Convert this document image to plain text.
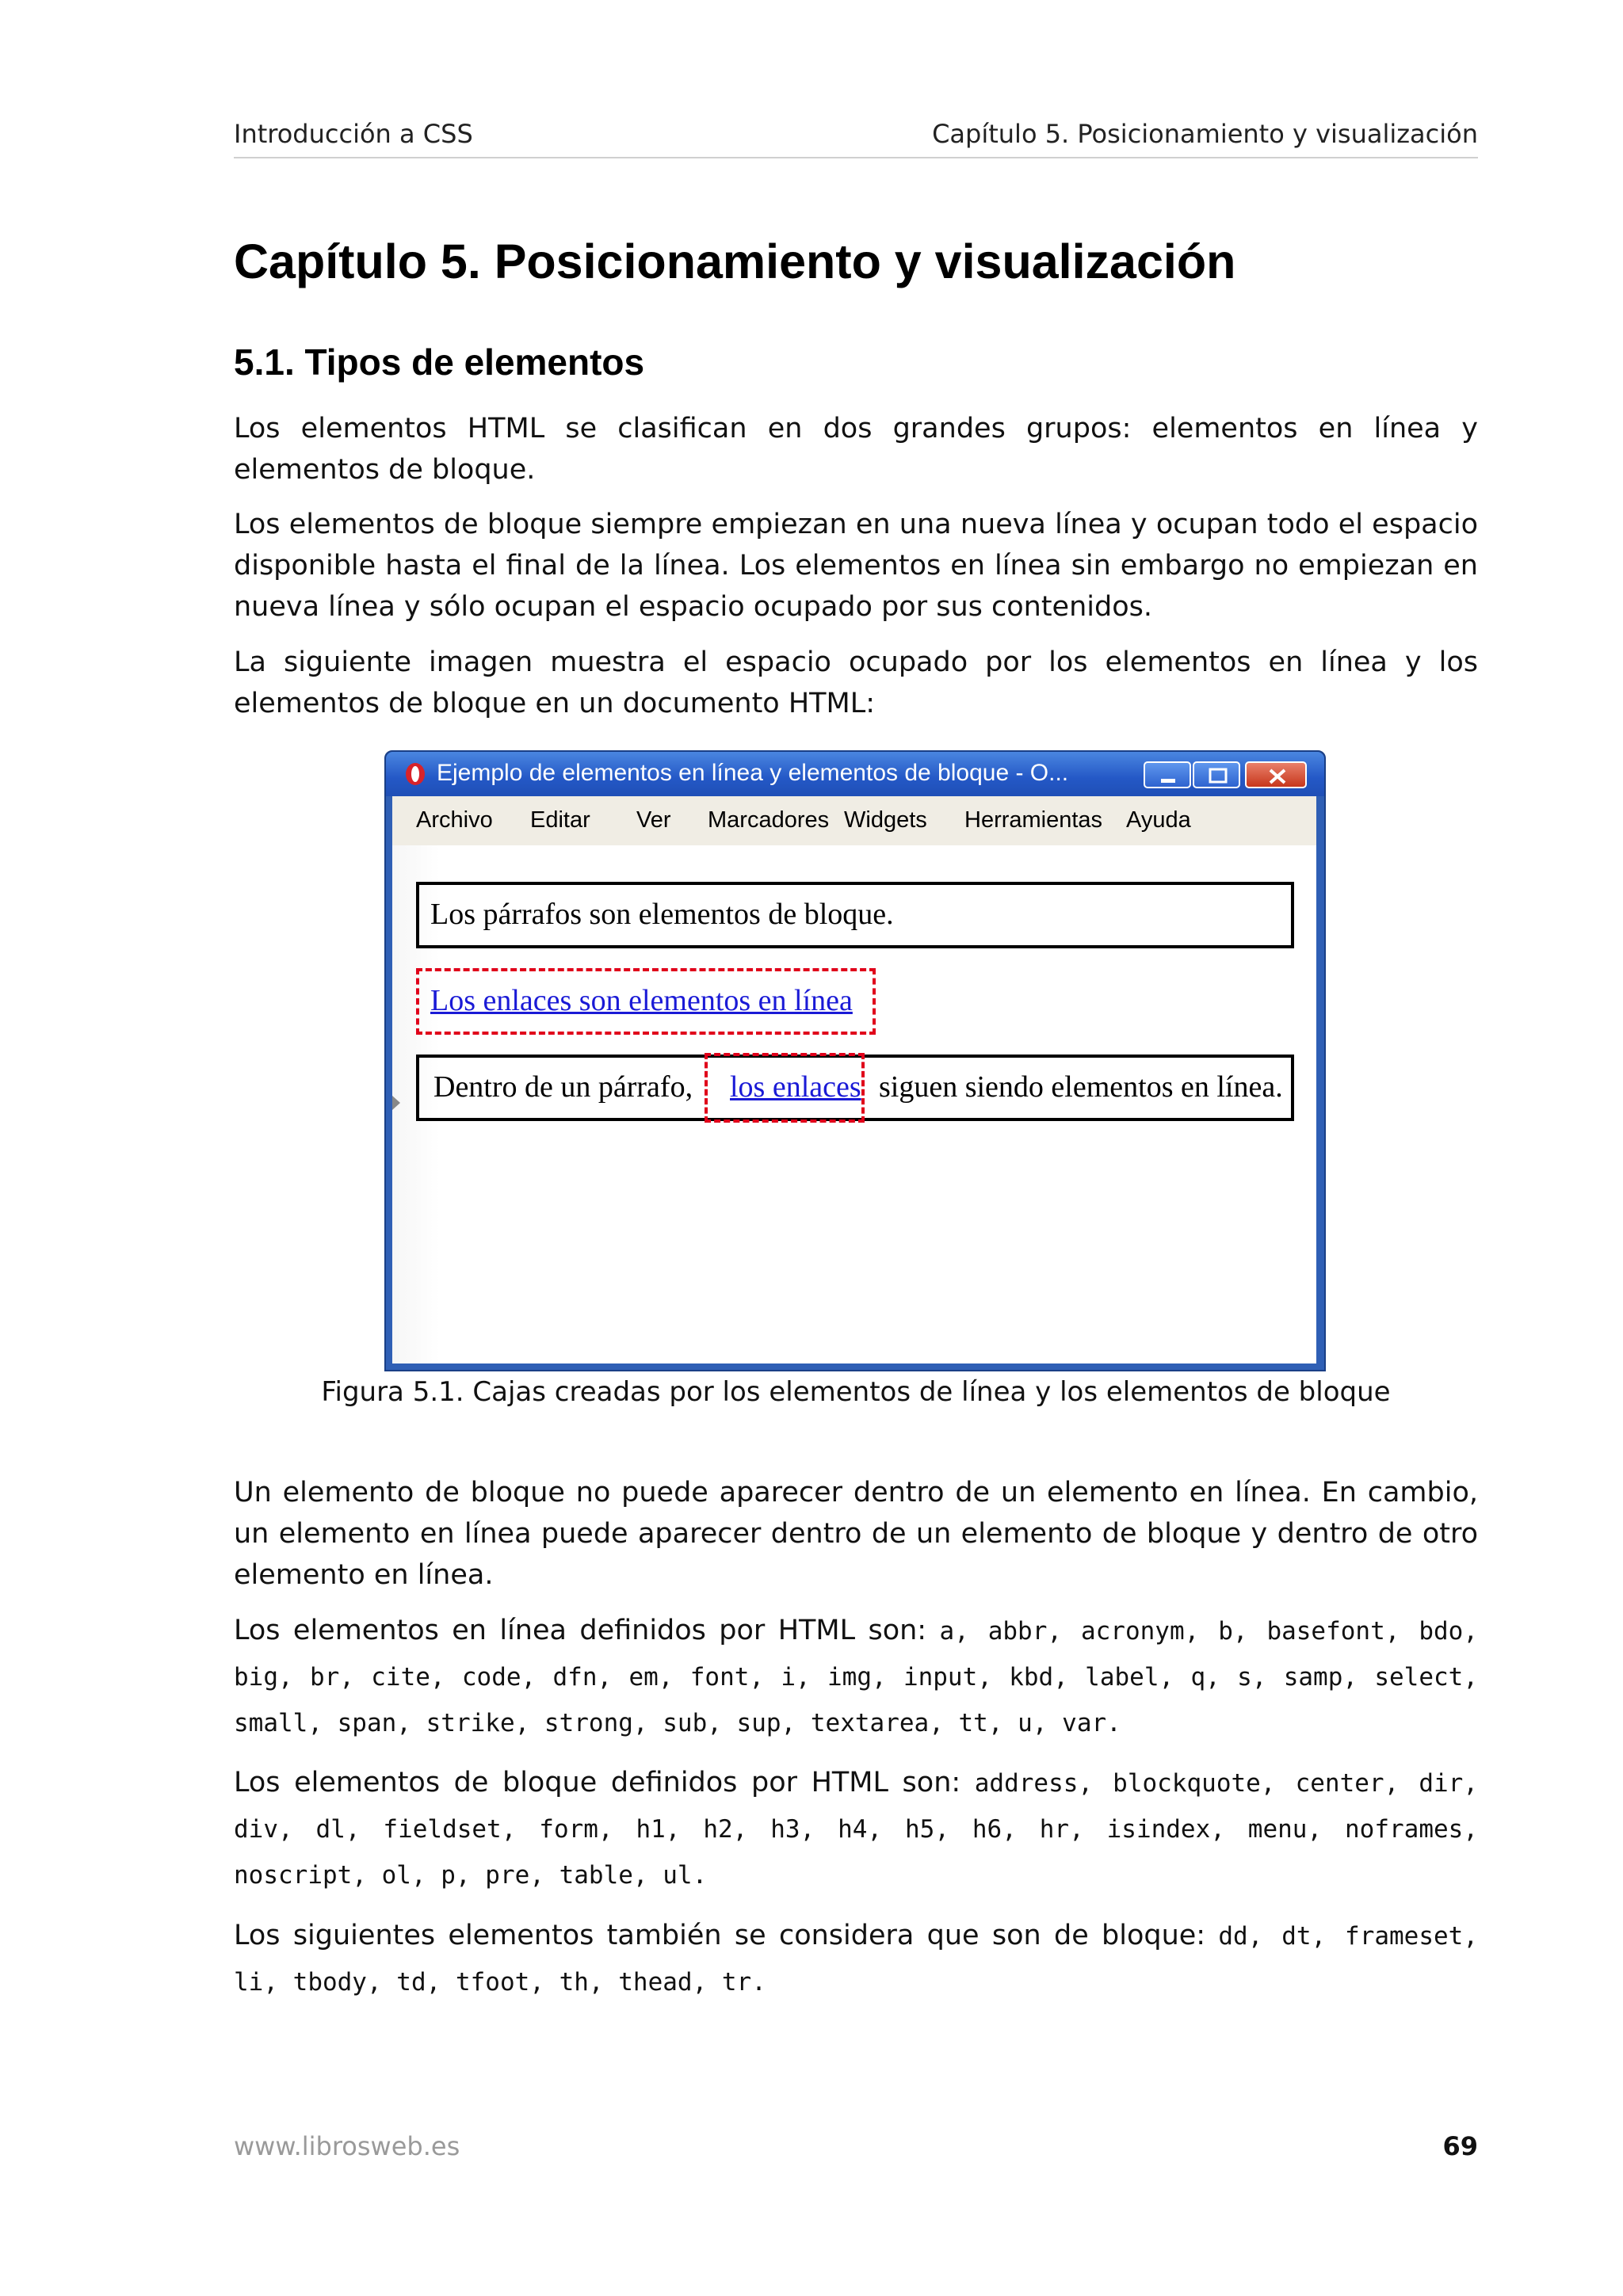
Introducción a CSS	Capítulo 5. Posicionamiento y visualización
Capítulo 5. Posicionamiento y visualización
5.1. Tipos de elementos

Los elementos HTML se clasifican en dos grandes grupos: elementos en línea y elementos de bloque.

Los elementos de bloque siempre empiezan en una nueva línea y ocupan todo el espacio disponible hasta el final de la línea. Los elementos en línea sin embargo no empiezan en nueva línea y sólo ocupan el espacio ocupado por sus contenidos.

La siguiente imagen muestra el espacio ocupado por los elementos en línea y los elementos de bloque en un documento HTML:

Ejemplo de elementos en línea y elementos de bloque - O...
Archivo Editar Ver Marcadores Widgets Herramientas Ayuda
Los párrafos son elementos de bloque.
Los enlaces son elementos en línea
Dentro de un párrafo, los enlaces siguen siendo elementos en línea.
Figura 5.1. Cajas creadas por los elementos de línea y los elementos de bloque

Un elemento de bloque no puede aparecer dentro de un elemento en línea. En cambio, un elemento en línea puede aparecer dentro de un elemento de bloque y dentro de otro elemento en línea.

Los elementos en línea definidos por HTML son: a, abbr, acronym, b, basefont, bdo, big, br, cite, code, dfn, em, font, i, img, input, kbd, label, q, s, samp, select, small, span, strike, strong, sub, sup, textarea, tt, u, var.

Los elementos de bloque definidos por HTML son: address, blockquote, center, dir, div, dl, fieldset, form, h1, h2, h3, h4, h5, h6, hr, isindex, menu, noframes, noscript, ol, p, pre, table, ul.

Los siguientes elementos también se considera que son de bloque: dd, dt, frameset, li, tbody, td, tfoot, th, thead, tr.

www.librosweb.es	69
